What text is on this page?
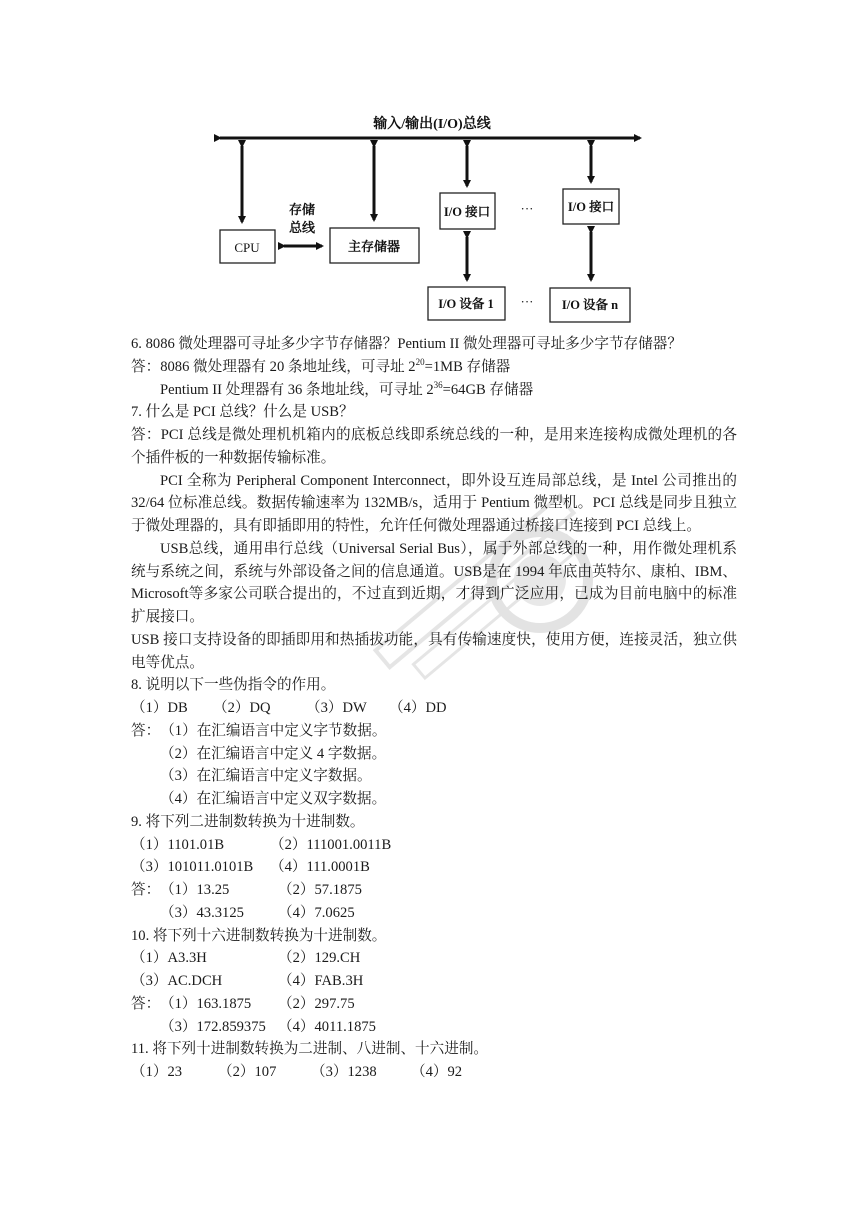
输入/输出(I/O)总线
CPU
存储
总线
主存储器
I/O 接口
I/O 设备 1
···
···
I/O 接口
I/O 设备 n
6. 8086 微处理器可寻址多少字节存储器？Pentium II 微处理器可寻址多少字节存储器？
答：8086 微处理器有 20 条地址线，可寻址 $2^{20}=1MB$ 存储器
Pentium II 处理器有 36 条地址线，可寻址 $2^{36}=64GB$ 存储器
7. 什么是 PCI 总线？什么是 USB？
答：PCI 总线是微处理机机箱内的底板总线即系统总线的一种，是用来连接构成微处理机的各个插件板的一种数据传输标准。
PCI 全称为 Peripheral Component Interconnect，即外设互连局部总线，是 Intel 公司推出的 32/64 位标准总线。数据传输速率为 132MB/s，适用于 Pentium 微型机。PCI 总线是同步且独立于微处理器的，具有即插即用的特性，允许任何微处理器通过桥接口连接到 PCI 总线上。
USB总线，通用串行总线（Universal Serial Bus），属于外部总线的一种，用作微处理机系统与系统之间，系统与外部设备之间的信息通道。USB是在 1994 年底由英特尔、康柏、IBM、Microsoft等多家公司联合提出的，不过直到近期，才得到广泛应用，已成为目前电脑中的标准扩展接口。
USB 接口支持设备的即插即用和热插拔功能，具有传输速度快，使用方便，连接灵活，独立供电等优点。
8. 说明以下一些伪指令的作用。
（1）DB	（2）DQ	（3）DW	（4）DD
答： （1）在汇编语言中定义字节数据。
（2）在汇编语言中定义 4 字数据。
（3）在汇编语言中定义字数据。
（4）在汇编语言中定义双字数据。
9. 将下列二进制数转换为十进制数。
（1）1101.01B	（2）111001.0011B
（3）101011.0101B	（4）111.0001B
答： （1）13.25	（2）57.1875
（3）43.3125	（4）7.0625
10. 将下列十六进制数转换为十进制数。
（1）A3.3H	（2）129.CH
（3）AC.DCH	（4）FAB.3H
答： （1）163.1875	（2）297.75
（3）172.859375 （4）4011.1875
11. 将下列十进制数转换为二进制、八进制、十六进制。
（1）23	（2）107	（3）1238	（4）92
